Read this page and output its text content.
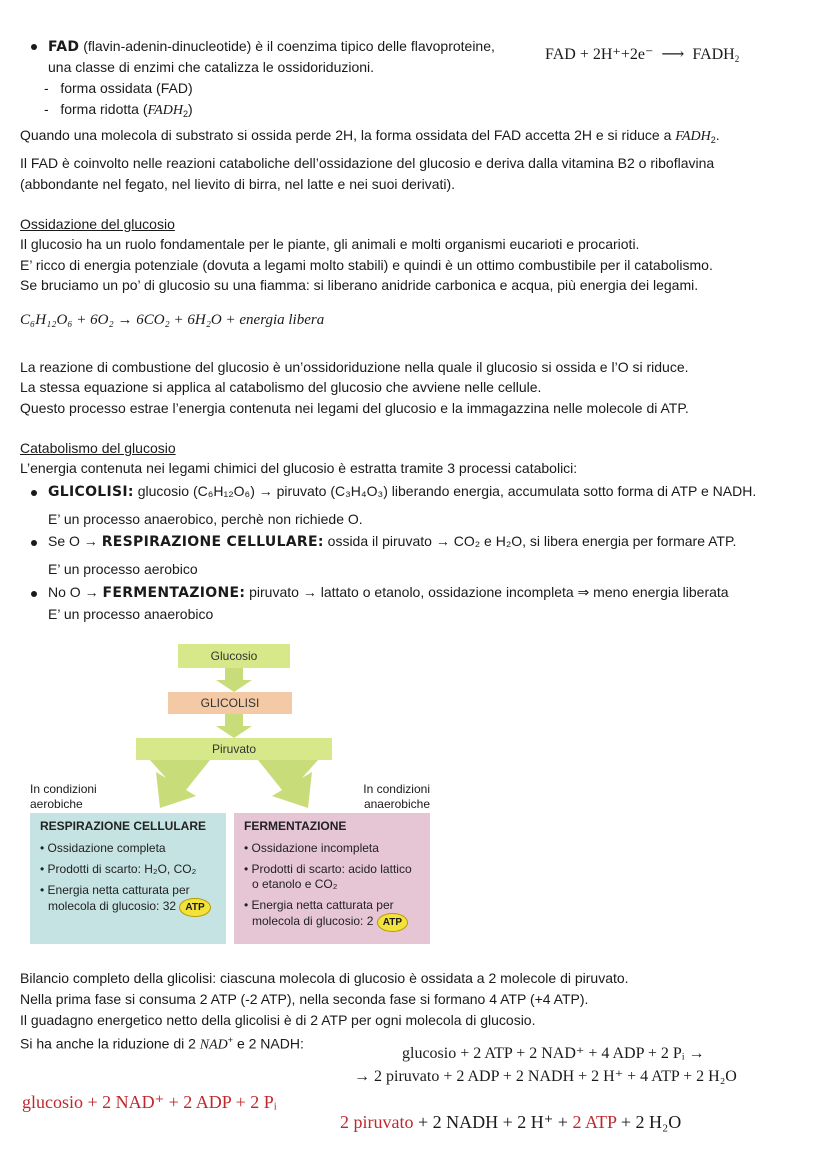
FAD (flavin-adenin-dinucleotide) è il coenzima tipico delle flavoproteine,	FAD + 2H⁺+2e⁻ ⟶ $FADH_2$
una classe di enzimi che catalizza le ossidoriduzioni.
-   forma ossidata (FAD)
-   forma ridotta $(FADH_2)$
Quando una molecola di substrato si ossida perde 2H, la forma ossidata del FAD accetta 2H e si riduce a $FADH_2$.
Il FAD è coinvolto nelle reazioni cataboliche dell’ossidazione del glucosio e deriva dalla vitamina B2 o riboflavina
(abbondante nel fegato, nel lievito di birra, nel latte e nei suoi derivati).
Ossidazione del glucosio
Il glucosio ha un ruolo fondamentale per le piante, gli animali e molti organismi eucarioti e procarioti.
E’ ricco di energia potenziale (dovuta a legami molto stabili) e quindi è un ottimo combustibile per il catabolismo.
Se bruciamo un po’ di glucosio su una fiamma: si liberano anidride carbonica e acqua, più energia dei legami.
C₆H₁₂O₆ + 6O₂ → 6CO₂ + 6H₂O + energia libera
La reazione di combustione del glucosio è un’ossidoriduzione nella quale il glucosio si ossida e l’O si riduce.
La stessa equazione si applica al catabolismo del glucosio che avviene nelle cellule.
Questo processo estrae l’energia contenuta nei legami del glucosio e la immagazzina nelle molecole di ATP.
Catabolismo del glucosio
L’energia contenuta nei legami chimici del glucosio è estratta tramite 3 processi catabolici:
GLICOLISI: glucosio (C₆H₁₂O₆) → piruvato (C₃H₄O₃) liberando energia, accumulata sotto forma di ATP e NADH.
E’ un processo anaerobico, perchè non richiede O.
Se O → RESPIRAZIONE CELLULARE: ossida il piruvato → CO₂ e H₂O, si libera energia per formare ATP.
E’ un processo aerobico
No O → FERMENTAZIONE: piruvato → lattato o etanolo, ossidazione incompleta ⇒ meno energia liberata
E’ un processo anaerobico
Glucosio
GLICOLISI
Piruvato
In condizioni
aerobiche
In condizioni
anaerobiche
RESPIRAZIONE CELLULARE
• Ossidazione completa
• Prodotti di scarto: H₂O, CO₂
• Energia netta catturata per
molecola di glucosio: 32 ATP
FERMENTAZIONE
• Ossidazione incompleta
• Prodotti di scarto: acido lattico
o etanolo e CO₂
• Energia netta catturata per
molecola di glucosio: 2 ATP
Bilancio completo della glicolisi: ciascuna molecola di glucosio è ossidata a 2 molecole di piruvato.
Nella prima fase si consuma 2 ATP (-2 ATP), nella seconda fase si formano 4 ATP (+4 ATP).
Il guadagno energetico netto della glicolisi è di 2 ATP per ogni molecola di glucosio.
Si ha anche la riduzione di 2 NAD+ e 2 NADH:
glucosio + 2 ATP + 2 NAD⁺ + 4 ADP + 2 Pᵢ →
→ 2 piruvato + 2 ADP + 2 NADH + 2 H⁺ + 4 ATP + 2 H₂O
glucosio + 2 NAD⁺ + 2 ADP + 2 Pᵢ
2 piruvato + 2 NADH + 2 H⁺ + 2 ATP + 2 H₂O
